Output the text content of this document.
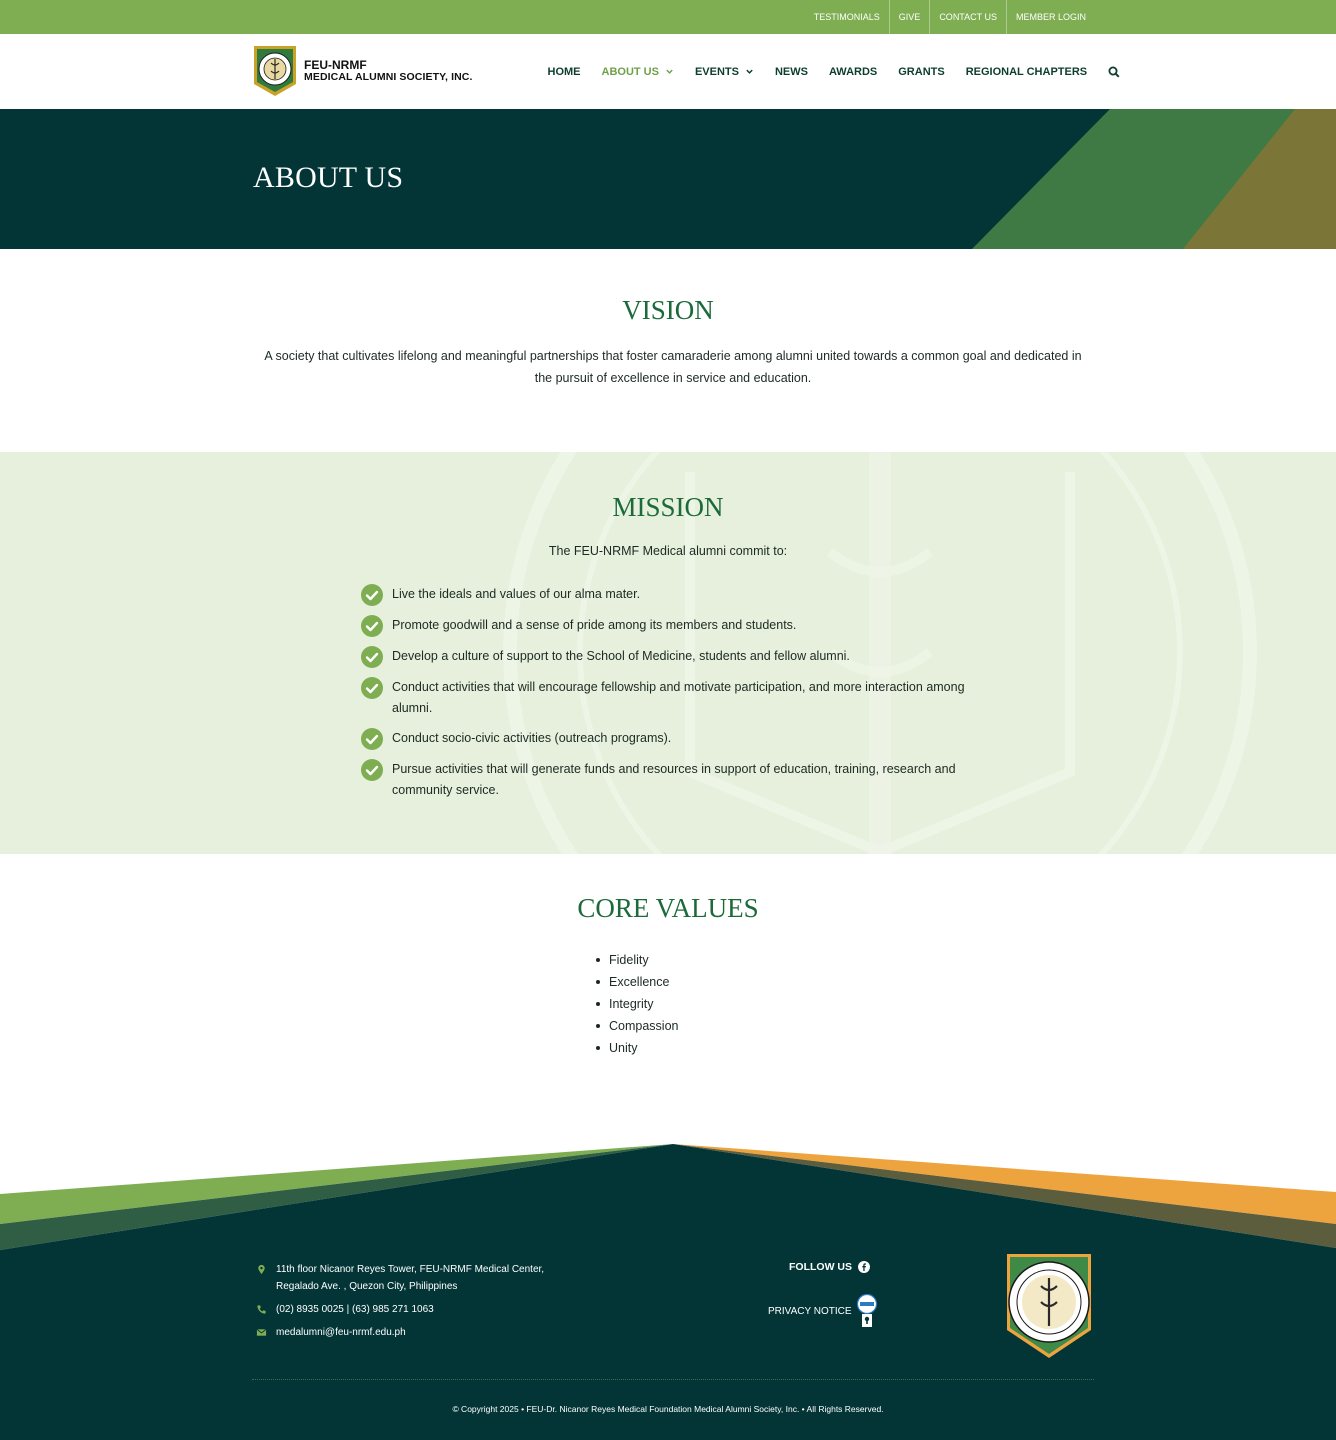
TESTIMONIALS	GIVE	CONTACT US	MEMBER LOGIN
FEU-NRMF
MEDICAL ALUMNI SOCIETY, INC.	HOME ABOUT US	EVENTS	NEWS AWARDS GRANTS REGIONAL CHAPTERS
ABOUT US
VISION
A society that cultivates lifelong and meaningful partnerships that foster camaraderie among alumni united towards a common goal and dedicated in the pursuit of excellence in service and education.
MISSION
The FEU-NRMF Medical alumni commit to:
Live the ideals and values of our alma mater.
Promote goodwill and a sense of pride among its members and students.
Develop a culture of support to the School of Medicine, students and fellow alumni.
Conduct activities that will encourage fellowship and motivate participation, and more interaction among alumni.
Conduct socio-civic activities (outreach programs).
Pursue activities that will generate funds and resources in support of education, training, research and community service.
CORE VALUES
Fidelity
Excellence
Integrity
Compassion
Unity
11th floor Nicanor Reyes Tower, FEU-NRMF Medical Center, Regalado Ave. , Quezon City, Philippines
(02) 8935 0025 | (63) 985 271 1063
medalumni@feu-nrmf.edu.ph
FOLLOW US
PRIVACY NOTICE
© Copyright 2025 • FEU-Dr. Nicanor Reyes Medical Foundation Medical Alumni Society, Inc. • All Rights Reserved.
